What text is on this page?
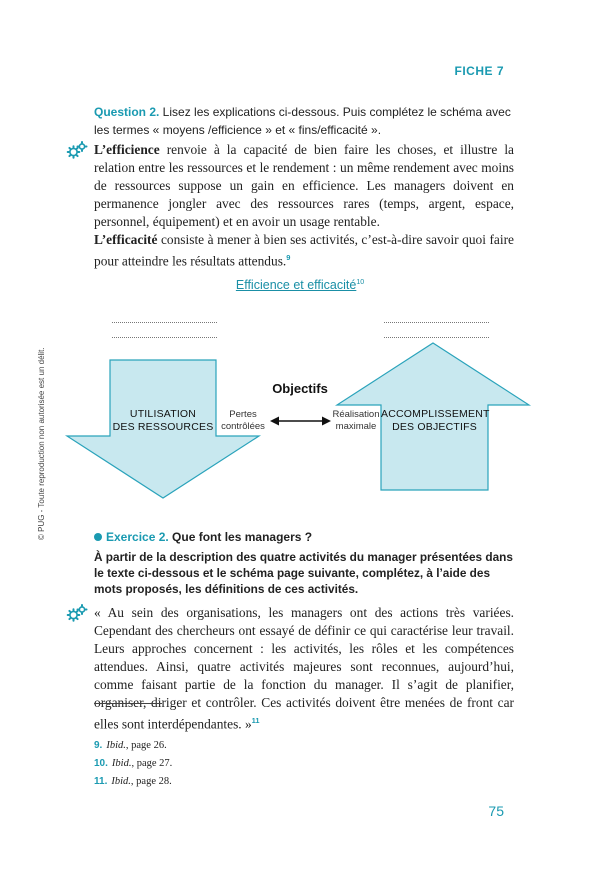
FICHE 7
© PUG - Toute reproduction non autorisée est un délit.
Question 2. Lisez les explications ci-dessous. Puis complétez le schéma avec les termes « moyens /efficience » et « fins/efficacité ».

L’efficience renvoie à la capacité de bien faire les choses, et illustre la relation entre les ressources et le rendement : un même rendement avec moins de ressources suppose un gain en efficience. Les managers doivent en permanence jongler avec des ressources rares (temps, argent, espace, personnel, équipement) et en avoir un usage rentable.

L’efficacité consiste à mener à bien ses activités, c’est-à-dire savoir quoi faire pour atteindre les résultats attendus.$^9$

Efficience et efficacité$^{10}$
Objectifs
UTILISATION
DES RESSOURCES
ACCOMPLISSEMENT
DES OBJECTIFS
Pertes
contrôlées
Réalisation
maximale
Exercice 2. Que font les managers ?
À partir de la description des quatre activités du manager présentées dans le texte ci-dessous et le schéma page suivante, complétez, à l’aide des mots proposés, les définitions de ces activités.

« Au sein des organisations, les managers ont des actions très variées. Cependant des chercheurs ont essayé de définir ce qui caractérise leur travail. Leurs approches concernent : les activités, les rôles et les compétences attendues. Ainsi, quatre activités majeures sont reconnues, aujourd’hui, comme faisant partie de la fonction du manager. Il s’agit de planifier, organiser, diriger et contrôler. Ces activités doivent être menées de front car elles sont interdépendantes. »$^{11}$

9. Ibid., page 26.
10. Ibid., page 27.
11. Ibid., page 28.
75
